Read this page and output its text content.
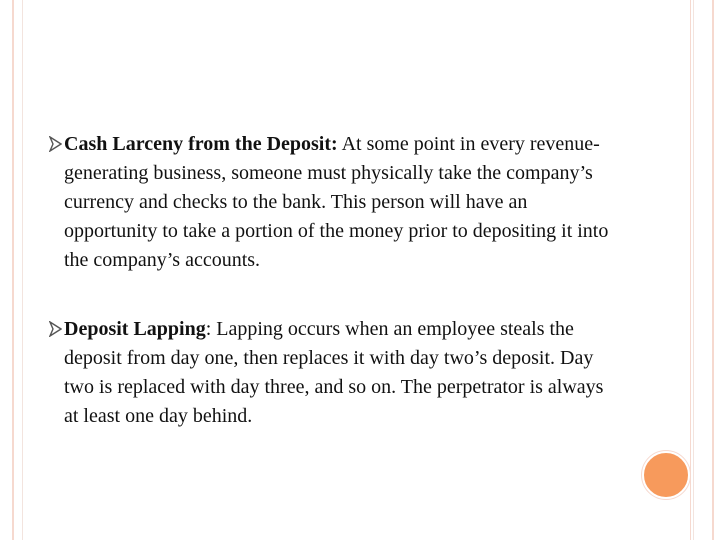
Cash Larceny from the Deposit: At some point in every revenue-generating business, someone must physically take the company’s currency and checks to the bank. This person will have an opportunity to take a portion of the money prior to depositing it into the company’s accounts.
Deposit Lapping: Lapping occurs when an employee steals the deposit from day one, then replaces it with day two’s deposit. Day two is replaced with day three, and so on. The perpetrator is always at least one day behind.
